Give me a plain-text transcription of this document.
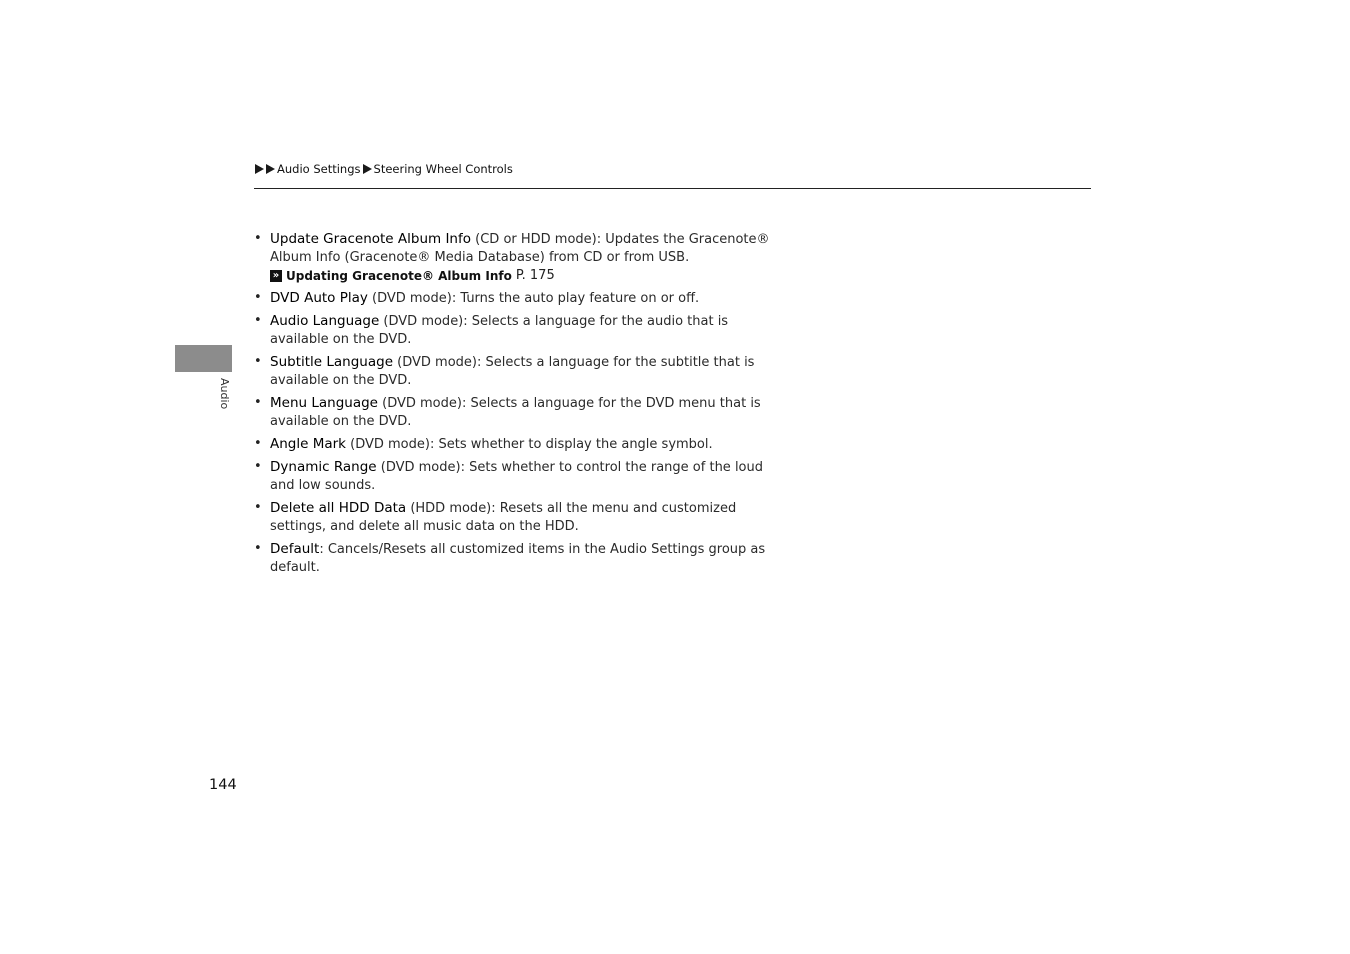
Audio Settings Steering Wheel Controls
Audio
• Update Gracenote Album Info (CD or HDD mode): Updates the Gracenote® Album Info (Gracenote® Media Database) from CD or from USB.
» Updating Gracenote® Album Info P. 175
• DVD Auto Play (DVD mode): Turns the auto play feature on or off.
• Audio Language (DVD mode): Selects a language for the audio that is available on the DVD.
• Subtitle Language (DVD mode): Selects a language for the subtitle that is available on the DVD.
• Menu Language (DVD mode): Selects a language for the DVD menu that is available on the DVD.
• Angle Mark (DVD mode): Sets whether to display the angle symbol.
• Dynamic Range (DVD mode): Sets whether to control the range of the loud and low sounds.
• Delete all HDD Data (HDD mode): Resets all the menu and customized settings, and delete all music data on the HDD.
• Default: Cancels/Resets all customized items in the Audio Settings group as default.
144
